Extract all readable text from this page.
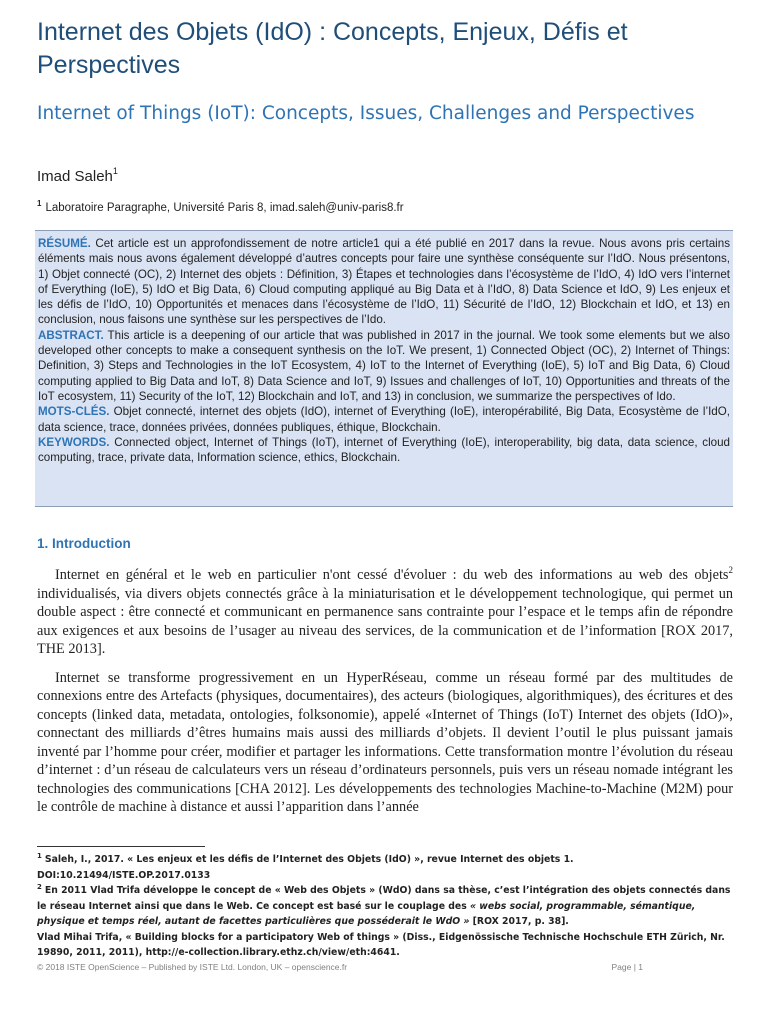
Internet des Objets (IdO) : Concepts, Enjeux, Défis et Perspectives
Internet of Things (IoT): Concepts, Issues, Challenges and Perspectives
Imad Saleh$^1$
$^1$ Laboratoire Paragraphe, Université Paris 8, imad.saleh@univ-paris8.fr

RÉSUMÉ. Cet article est un approfondissement de notre article1 qui a été publié en 2017 dans la revue. Nous avons pris certains éléments mais nous avons également développé d’autres concepts pour faire une synthèse conséquente sur l’IdO. Nous présentons, 1) Objet connecté (OC), 2) Internet des objets : Définition, 3) Étapes et technologies dans l’écosystème de l’IdO, 4) IdO vers l’internet of Everything (IoE), 5) IdO et Big Data, 6) Cloud computing appliqué au Big Data et à l’IdO, 8) Data Science et IdO, 9) Les enjeux et les défis de l’IdO, 10) Opportunités et menaces dans l’écosystème de l’IdO, 11) Sécurité de l’IdO, 12) Blockchain et IdO, et 13) en conclusion, nous faisons une synthèse sur les perspectives de l’Ido.

ABSTRACT. This article is a deepening of our article that was published in 2017 in the journal. We took some elements but we also developed other concepts to make a consequent synthesis on the IoT. We present, 1) Connected Object (OC), 2) Internet of Things: Definition, 3) Steps and Technologies in the IoT Ecosystem, 4) IoT to the Internet of Everything (IoE), 5) IoT and Big Data, 6) Cloud computing applied to Big Data and IoT, 8) Data Science and IoT, 9) Issues and challenges of IoT, 10) Opportunities and threats of the IoT ecosystem, 11) Security of the IoT, 12) Blockchain and IoT, and 13) in conclusion, we summarize the perspectives of Ido.

MOTS-CLÉS. Objet connecté, internet des objets (IdO), internet of Everything (IoE), interopérabilité, Big Data, Ecosystème de l’IdO, data science, trace, données privées, données publiques, éthique, Blockchain.

KEYWORDS. Connected object, Internet of Things (IoT), internet of Everything (IoE), interoperability, big data, data science, cloud computing, trace, private data, Information science, ethics, Blockchain.

1. Introduction

Internet en général et le web en particulier n'ont cessé d'évoluer : du web des informations au web des objets$^2$ individualisés, via divers objets connectés grâce à la miniaturisation et le développement technologique, qui permet un double aspect : être connecté et communicant en permanence sans contrainte pour l’espace et le temps afin de répondre aux exigences et aux besoins de l’usager au niveau des services, de la communication et de l’information [ROX 2017, THE 2013].

Internet se transforme progressivement en un HyperRéseau, comme un réseau formé par des multitudes de connexions entre des Artefacts (physiques, documentaires), des acteurs (biologiques, algorithmiques), des écritures et des concepts (linked data, metadata, ontologies, folksonomie), appelé «Internet of Things (IoT) Internet des objets (IdO)», connectant des milliards d’êtres humains mais aussi des milliards d’objets. Il devient l’outil le plus puissant jamais inventé par l’homme pour créer, modifier et partager les informations. Cette transformation montre l’évolution du réseau d’internet : d’un réseau de calculateurs vers un réseau d’ordinateurs personnels, puis vers un réseau nomade intégrant les technologies des communications [CHA 2012]. Les développements des technologies Machine-to-Machine (M2M) pour le contrôle de machine à distance et aussi l’apparition dans l’année

$^1$ Saleh, I., 2017. « Les enjeux et les défis de l’Internet des Objets (IdO) », revue Internet des objets 1.

DOI:10.21494/ISTE.OP.2017.0133

$^2$ En 2011 Vlad Trifa développe le concept de « Web des Objets » (WdO) dans sa thèse, c’est l’intégration des objets connectés dans le réseau Internet ainsi que dans le Web. Ce concept est basé sur le couplage des « webs social, programmable, sémantique, physique et temps réel, autant de facettes particulières que posséderait le WdO » [ROX 2017, p. 38].

Vlad Mihai Trifa, « Building blocks for a participatory Web of things » (Diss., Eidgenössische Technische Hochschule ETH Zürich, Nr. 19890, 2011, 2011), http://e-collection.library.ethz.ch/view/eth:4641.

© 2018 ISTE OpenScience – Published by ISTE Ltd. London, UK – openscience.fr	Page | 1
